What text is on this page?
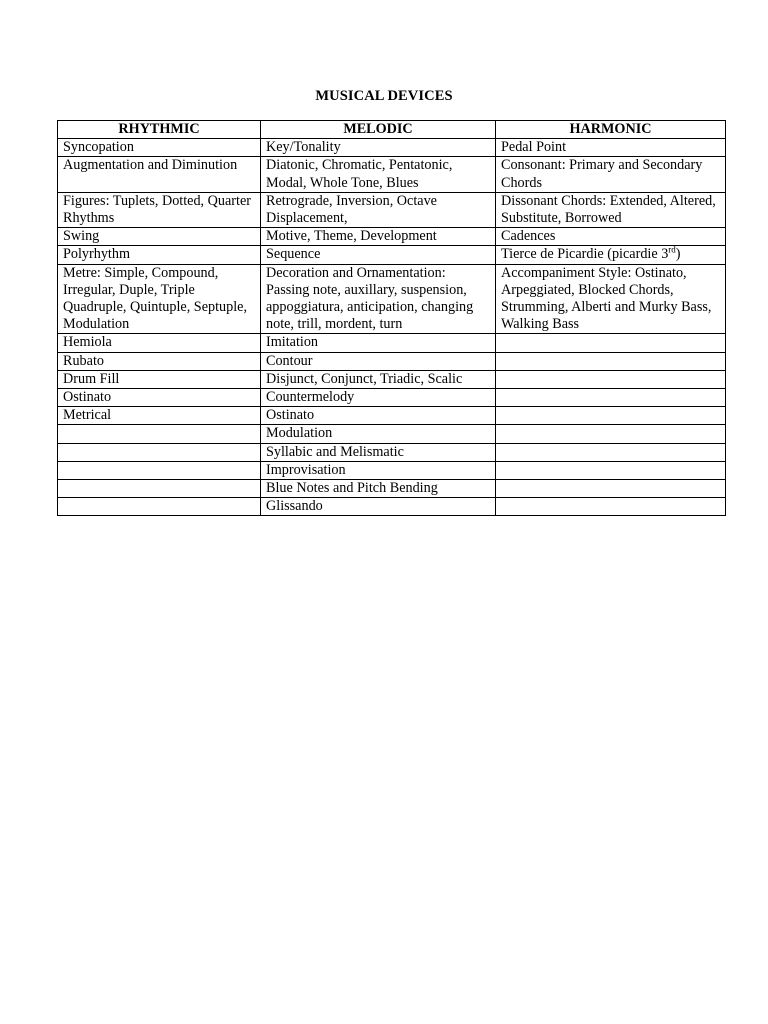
MUSICAL DEVICES
RHYTHMIC	MELODIC	HARMONIC

Syncopation	Key/Tonality	Pedal Point

Augmentation and Diminution	Diatonic, Chromatic, Pentatonic, Modal, Whole Tone, Blues	Consonant: Primary and Secondary Chords

Figures: Tuplets, Dotted, Quarter Rhythms	Retrograde, Inversion, Octave Displacement,	Dissonant Chords: Extended, Altered, Substitute, Borrowed

Swing	Motive, Theme, Development	Cadences

Polyrhythm	Sequence	Tierce de Picardie (picardie 3rd)

Metre: Simple, Compound, Irregular, Duple, Triple Quadruple, Quintuple, Septuple, Modulation	Decoration and Ornamentation: Passing note, auxillary, suspension, appoggiatura, anticipation, changing note, trill, mordent, turn	Accompaniment Style: Ostinato, Arpeggiated, Blocked Chords, Strumming, Alberti and Murky Bass, Walking Bass

Hemiola	Imitation	

Rubato	Contour	

Drum Fill	Disjunct, Conjunct, Triadic, Scalic	

Ostinato	Countermelody	

Metrical	Ostinato	

	Modulation	

	Syllabic and Melismatic	

	Improvisation	

	Blue Notes and Pitch Bending	

	Glissando	
